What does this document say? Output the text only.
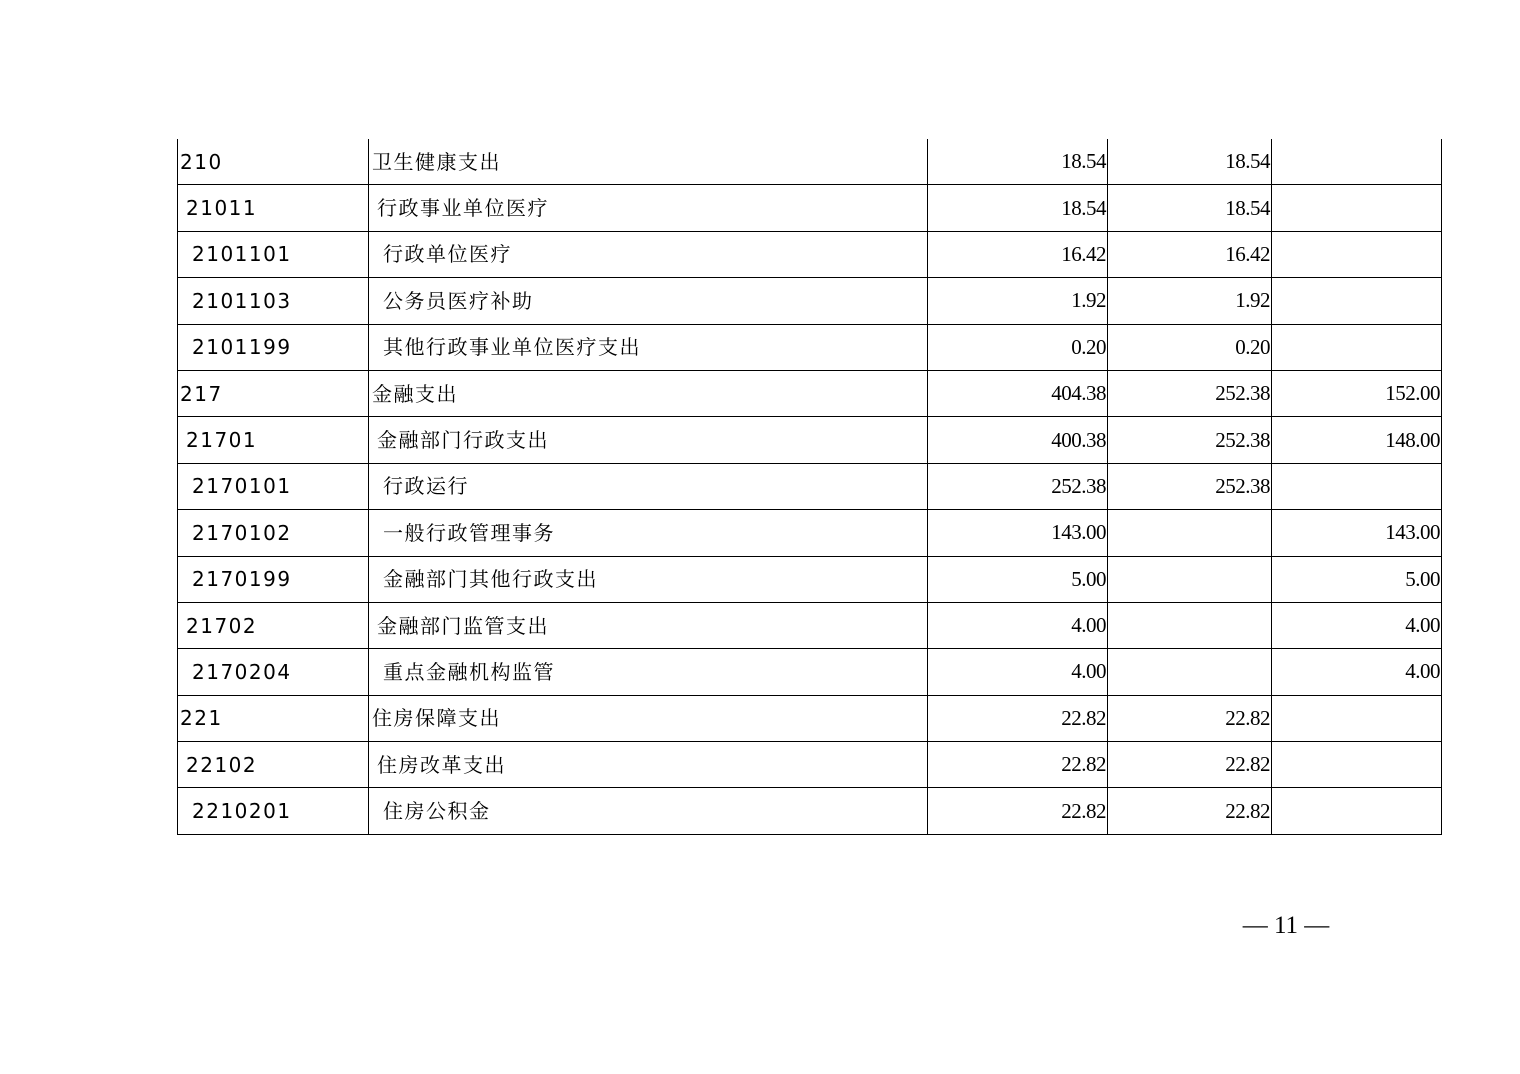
210	卫生健康支出	18.54	18.54	
21011	行政事业单位医疗	18.54	18.54	
2101101	行政单位医疗	16.42	16.42	
2101103	公务员医疗补助	1.92	1.92	
2101199	其他行政事业单位医疗支出	0.20	0.20	
217	金融支出	404.38	252.38	152.00
21701	金融部门行政支出	400.38	252.38	148.00
2170101	行政运行	252.38	252.38	
2170102	一般行政管理事务	143.00		143.00
2170199	金融部门其他行政支出	5.00		5.00
21702	金融部门监管支出	4.00		4.00
2170204	重点金融机构监管	4.00		4.00
221	住房保障支出	22.82	22.82	
22102	住房改革支出	22.82	22.82	
2210201	住房公积金	22.82	22.82	
— 11 —
